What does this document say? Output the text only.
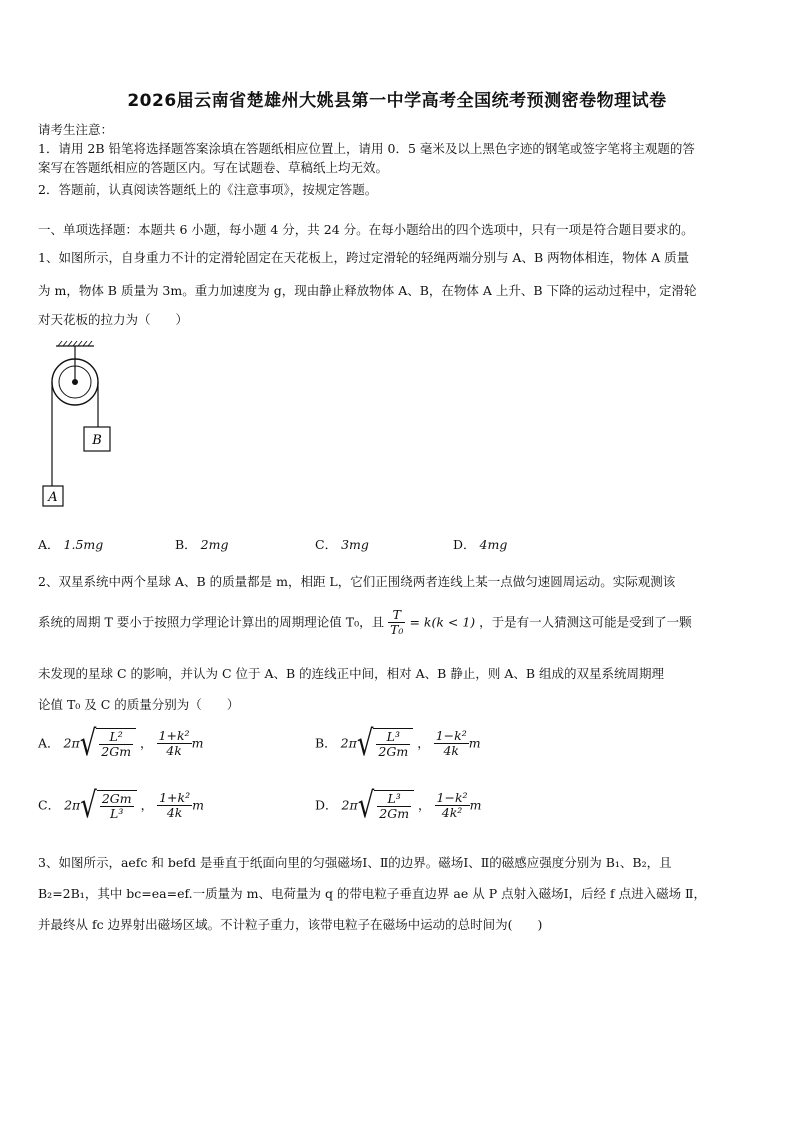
2026届云南省楚雄州大姚县第一中学高考全国统考预测密卷物理试卷
请考生注意：
1．请用 2B 铅笔将选择题答案涂填在答题纸相应位置上，请用 0．5 毫米及以上黑色字迹的钢笔或签字笔将主观题的答
案写在答题纸相应的答题区内。写在试题卷、草稿纸上均无效。
2．答题前，认真阅读答题纸上的《注意事项》，按规定答题。
一、单项选择题：本题共 6 小题，每小题 4 分，共 24 分。在每小题给出的四个选项中，只有一项是符合题目要求的。
1、如图所示，自身重力不计的定滑轮固定在天花板上，跨过定滑轮的轻绳两端分别与 A、B 两物体相连，物体 A 质量
为 m，物体 B 质量为 3m。重力加速度为 g，现由静止释放物体 A、B，在物体 A 上升、B 下降的运动过程中，定滑轮
对天花板的拉力为（　　）
B
A
A． 1.5mg	B． 2mg	C． 3mg	D． 4mg
2、双星系统中两个星球 A、B 的质量都是 m，相距 L，它们正围绕两者连线上某一点做匀速圆周运动。实际观测该
系统的周期 T 要小于按照力学理论计算出的周期理论值 T₀，且 $\frac{T}{\text{T₀}} = k(k < 1)$ ，于是有一人猜测这可能是受到了一颗
未发现的星球 C 的影响，并认为 C 位于 A、B 的连线正中间，相对 A、B 静止，则 A、B 组成的双星系统周期理
论值 T₀ 及 C 的质量分别为（　　）
A． $2\pi√ \frac{\text{L²}}{2Gm}$ ， $\frac{\text{1+k²}}{4k}$ m	B． $2\pi√ \frac{\text{L³}}{2Gm}$ ， $\frac{\text{1−k²}}{4k}$ m
C． $2\pi√ \frac{2Gm}{\text{L³}}$ ， $\frac{\text{1+k²}}{4k}$ m	D． $2\pi√ \frac{\text{L³}}{2Gm}$ ， $\frac{\text{1−k²}}{\text{4k²}}$ m
3、如图所示，aefc 和 befd 是垂直于纸面向里的匀强磁场Ⅰ、Ⅱ的边界。磁场Ⅰ、Ⅱ的磁感应强度分别为 B₁、B₂，且
B₂=2B₁，其中 bc=ea=ef.一质量为 m、电荷量为 q 的带电粒子垂直边界 ae 从 P 点射入磁场Ⅰ，后经 f 点进入磁场 Ⅱ，
并最终从 fc 边界射出磁场区域。不计粒子重力，该带电粒子在磁场中运动的总时间为(　　)
